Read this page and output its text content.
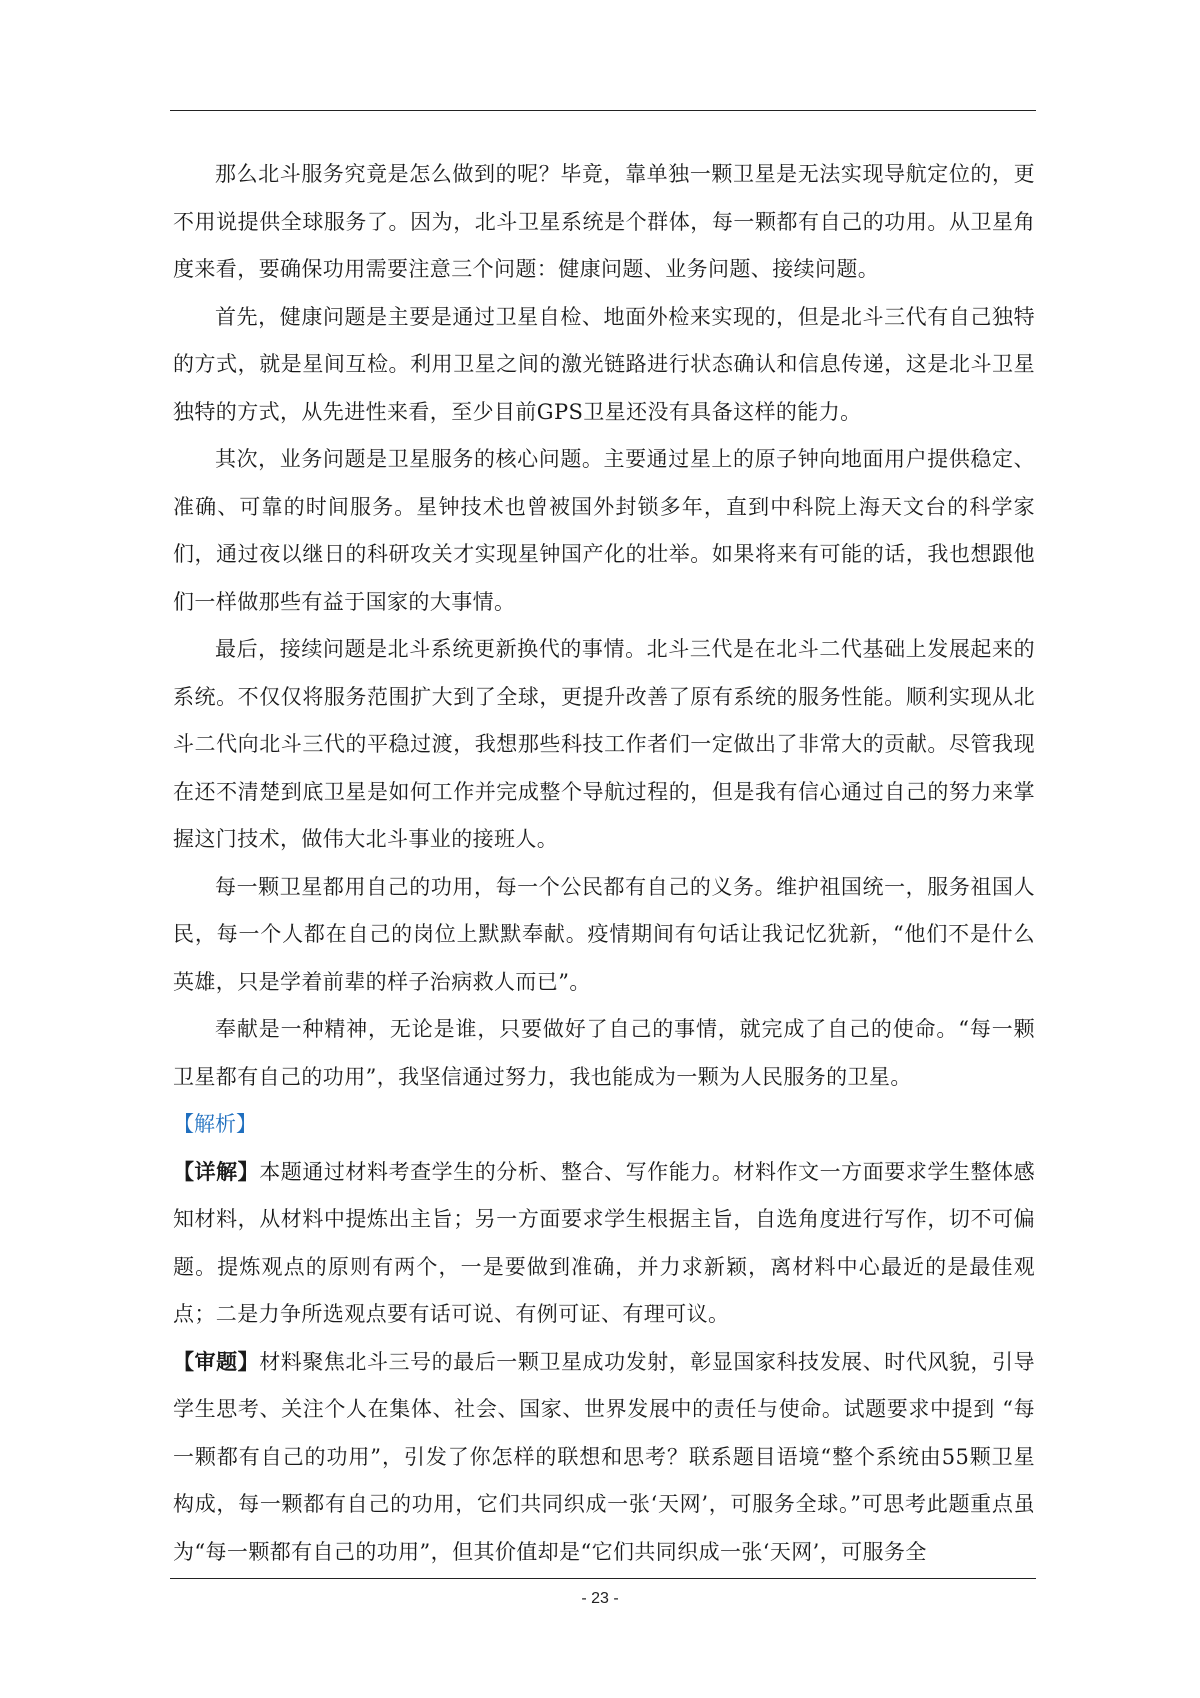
那么北斗服务究竟是怎么做到的呢？毕竟，靠单独一颗卫星是无法实现导航定位的，更不用说提供全球服务了。因为，北斗卫星系统是个群体，每一颗都有自己的功用。从卫星角度来看，要确保功用需要注意三个问题：健康问题、业务问题、接续问题。

首先，健康问题是主要是通过卫星自检、地面外检来实现的，但是北斗三代有自己独特的方式，就是星间互检。利用卫星之间的激光链路进行状态确认和信息传递，这是北斗卫星独特的方式，从先进性来看，至少目前GPS卫星还没有具备这样的能力。

其次，业务问题是卫星服务的核心问题。主要通过星上的原子钟向地面用户提供稳定、准确、可靠的时间服务。星钟技术也曾被国外封锁多年，直到中科院上海天文台的科学家们，通过夜以继日的科研攻关才实现星钟国产化的壮举。如果将来有可能的话，我也想跟他们一样做那些有益于国家的大事情。

最后，接续问题是北斗系统更新换代的事情。北斗三代是在北斗二代基础上发展起来的系统。不仅仅将服务范围扩大到了全球，更提升改善了原有系统的服务性能。顺利实现从北斗二代向北斗三代的平稳过渡，我想那些科技工作者们一定做出了非常大的贡献。尽管我现在还不清楚到底卫星是如何工作并完成整个导航过程的，但是我有信心通过自己的努力来掌握这门技术，做伟大北斗事业的接班人。

每一颗卫星都用自己的功用，每一个公民都有自己的义务。维护祖国统一，服务祖国人民，每一个人都在自己的岗位上默默奉献。疫情期间有句话让我记忆犹新，“他们不是什么英雄，只是学着前辈的样子治病救人而已”。

奉献是一种精神，无论是谁，只要做好了自己的事情，就完成了自己的使命。“每一颗卫星都有自己的功用”，我坚信通过努力，我也能成为一颗为人民服务的卫星。

【解析】

【详解】本题通过材料考查学生的分析、整合、写作能力。材料作文一方面要求学生整体感知材料，从材料中提炼出主旨；另一方面要求学生根据主旨，自选角度进行写作，切不可偏题。提炼观点的原则有两个，一是要做到准确，并力求新颖，离材料中心最近的是最佳观点；二是力争所选观点要有话可说、有例可证、有理可议。

【审题】材料聚焦北斗三号的最后一颗卫星成功发射，彰显国家科技发展、时代风貌，引导学生思考、关注个人在集体、社会、国家、世界发展中的责任与使命。试题要求中提到 “每一颗都有自己的功用”，引发了你怎样的联想和思考？联系题目语境“整个系统由55颗卫星构成，每一颗都有自己的功用，它们共同织成一张‘天网’，可服务全球。”可思考此题重点虽为“每一颗都有自己的功用”，但其价值却是“它们共同织成一张‘天网’，可服务全

- 23 -
